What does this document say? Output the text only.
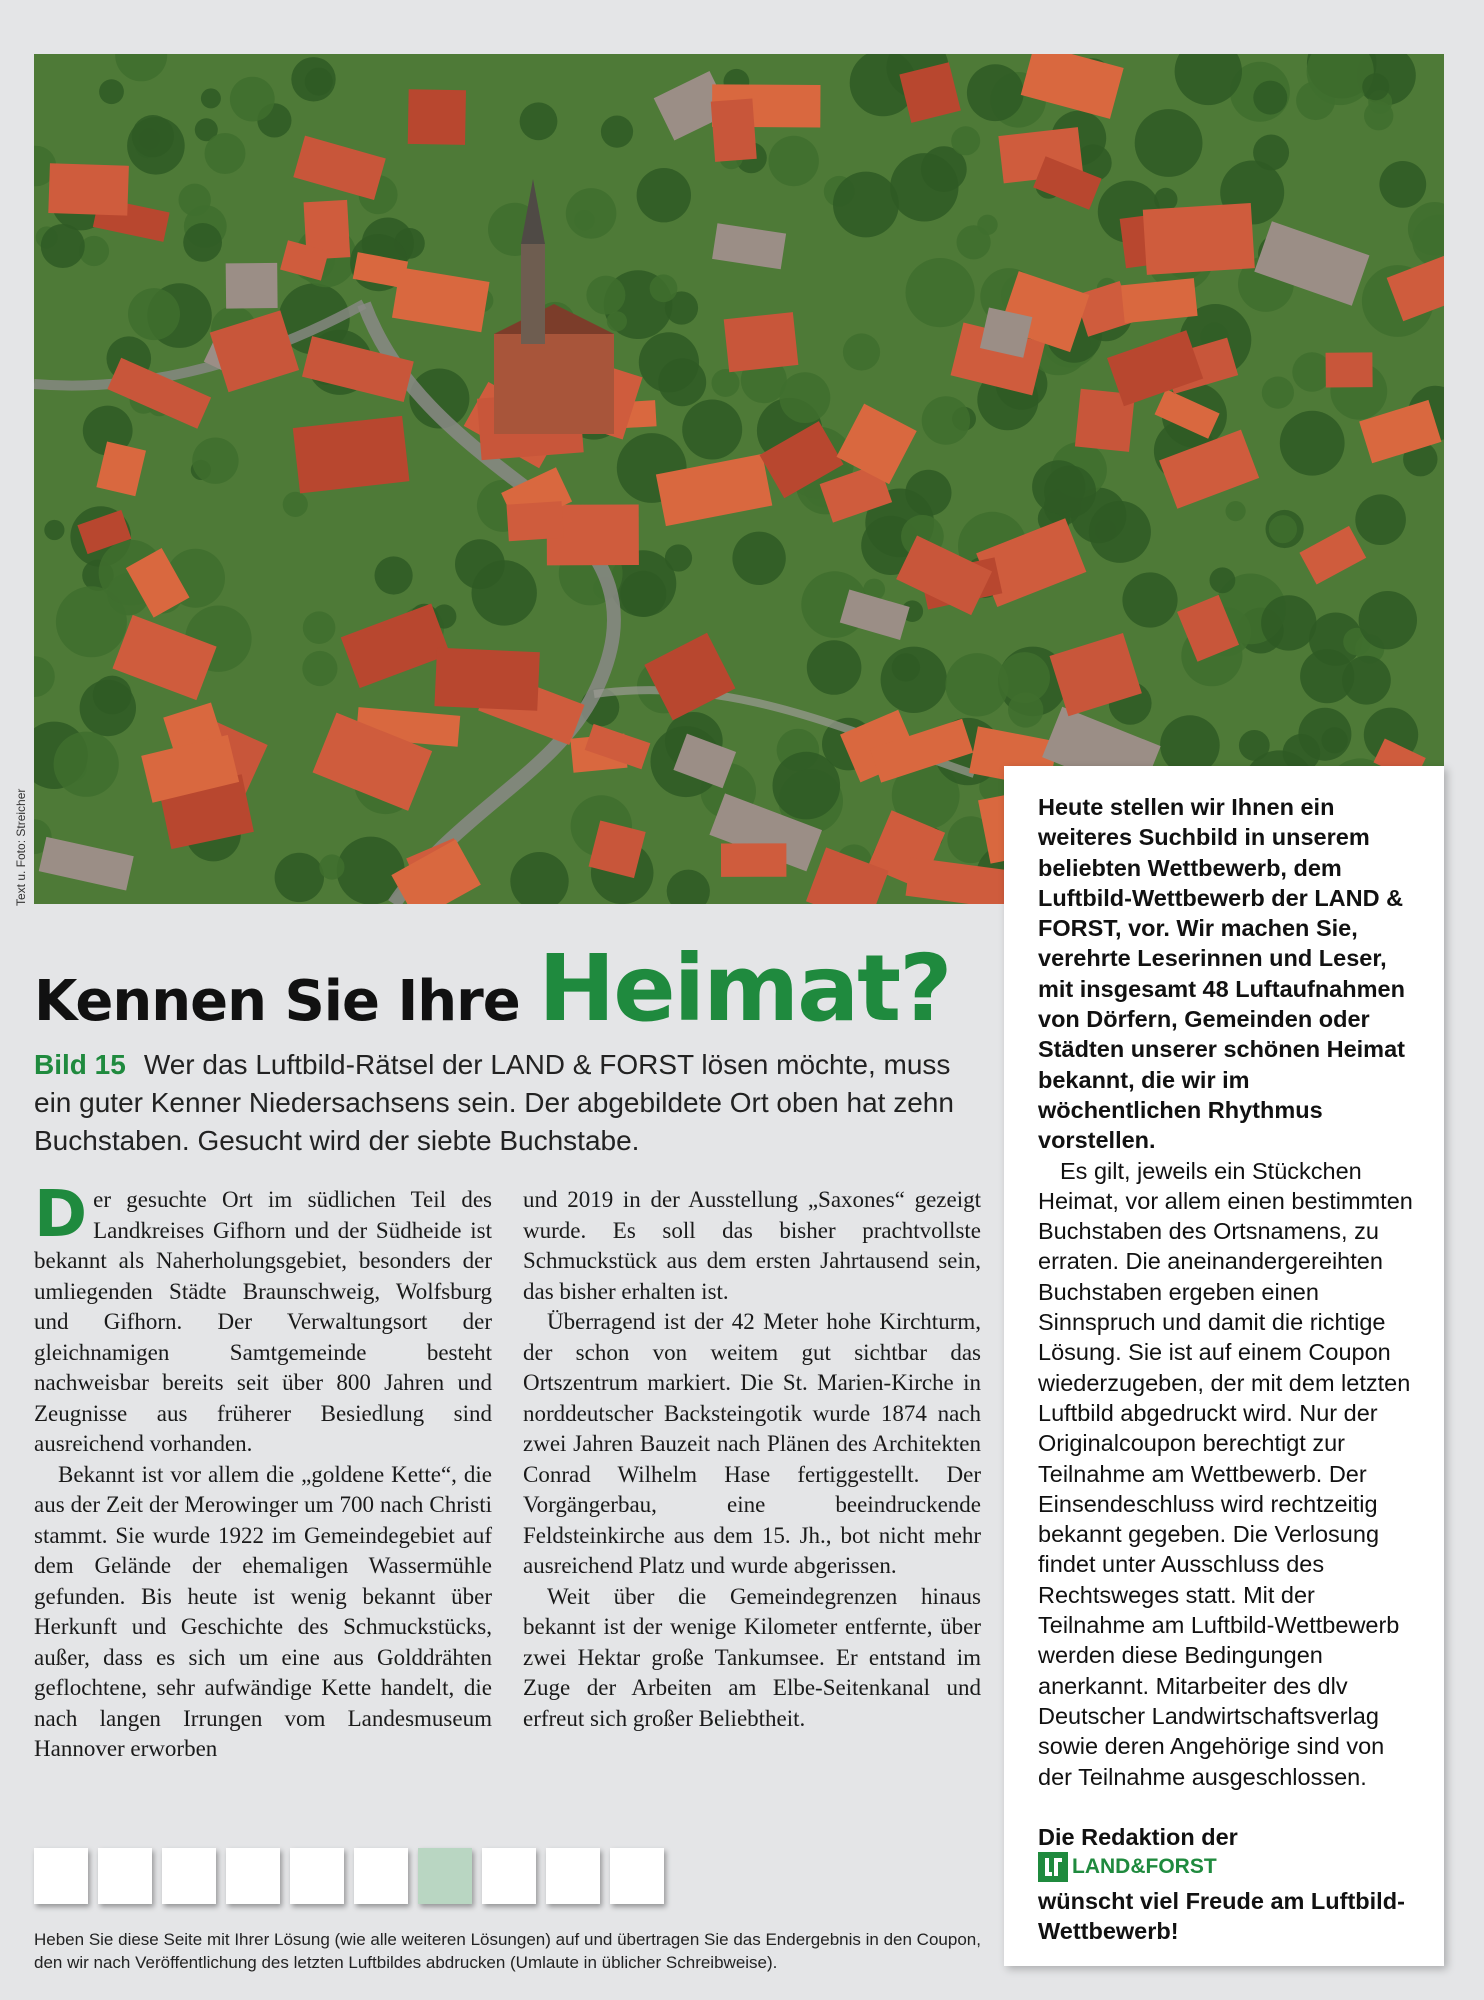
Text u. Foto: Streicher
Kennen Sie Ihre Heimat?
Bild 15 Wer das Luftbild-Rätsel der LAND & FORST lösen möchte, muss ein guter Kenner Niedersachsens sein. Der abgebildete Ort oben hat zehn Buchstaben. Gesucht wird der siebte Buchstabe.

Der gesuchte Ort im südlichen Teil des Landkreises Gifhorn und der Südheide ist bekannt als Naherholungsgebiet, besonders der umliegenden Städte Braunschweig, Wolfsburg und Gifhorn. Der Verwaltungsort der gleichnamigen Samtgemeinde besteht nachweisbar bereits seit über 800 Jahren und Zeugnisse aus früherer Besiedlung sind ausreichend vorhanden.

Bekannt ist vor allem die „goldene Kette“, die aus der Zeit der Merowinger um 700 nach Christi stammt. Sie wurde 1922 im Gemeindegebiet auf dem Gelände der ehemaligen Wassermühle gefunden. Bis heute ist wenig bekannt über Herkunft und Geschichte des Schmuckstücks, außer, dass es sich um eine aus Golddrähten geflochtene, sehr aufwändige Kette handelt, die nach langen Irrungen vom Landesmuseum Hannover erworben

und 2019 in der Ausstellung „Saxones“ gezeigt wurde. Es soll das bisher prachtvollste Schmuckstück aus dem ersten Jahrtausend sein, das bisher erhalten ist.

Überragend ist der 42 Meter hohe Kirchturm, der schon von weitem gut sichtbar das Ortszentrum markiert. Die St. Marien-Kirche in norddeutscher Backsteingotik wurde 1874 nach zwei Jahren Bauzeit nach Plänen des Architekten Conrad Wilhelm Hase fertiggestellt. Der Vorgängerbau, eine beeindruckende Feldsteinkirche aus dem 15. Jh., bot nicht mehr ausreichend Platz und wurde abgerissen.

Weit über die Gemeindegrenzen hinaus bekannt ist der wenige Kilometer entfernte, über zwei Hektar große Tankumsee. Er entstand im Zuge der Arbeiten am Elbe-Seitenkanal und erfreut sich großer Beliebtheit.

Heben Sie diese Seite mit Ihrer Lösung (wie alle weiteren Lösungen) auf und übertragen Sie das Endergebnis in den Coupon, den wir nach Veröffentlichung des letzten Luftbildes abdrucken (Umlaute in üblicher Schreibweise).

Heute stellen wir Ihnen ein weiteres Suchbild in unserem beliebten Wettbewerb, dem Luftbild-Wettbewerb der LAND & FORST, vor. Wir machen Sie, verehrte Leserinnen und Leser, mit insgesamt 48 Luftaufnahmen von Dörfern, Gemeinden oder Städten unserer schönen Heimat bekannt, die wir im wöchentlichen Rhythmus vorstellen.

Es gilt, jeweils ein Stückchen Heimat, vor allem einen bestimmten Buchstaben des Ortsnamens, zu erraten. Die aneinandergereihten Buchstaben ergeben einen Sinnspruch und damit die richtige Lösung. Sie ist auf einem Coupon wiederzugeben, der mit dem letzten Luftbild abgedruckt wird. Nur der Originalcoupon berechtigt zur Teilnahme am Wettbewerb. Der Einsendeschluss wird rechtzeitig bekannt gegeben. Die Verlosung findet unter Ausschluss des Rechtsweges statt. Mit der Teilnahme am Luftbild-Wettbewerb werden diese Bedingungen anerkannt. Mitarbeiter des dlv Deutscher Landwirtschaftsverlag sowie deren Angehörige sind von der Teilnahme ausgeschlossen.

Die Redaktion der
LAND&FORST

wünscht viel Freude am Luftbild-Wettbewerb!
